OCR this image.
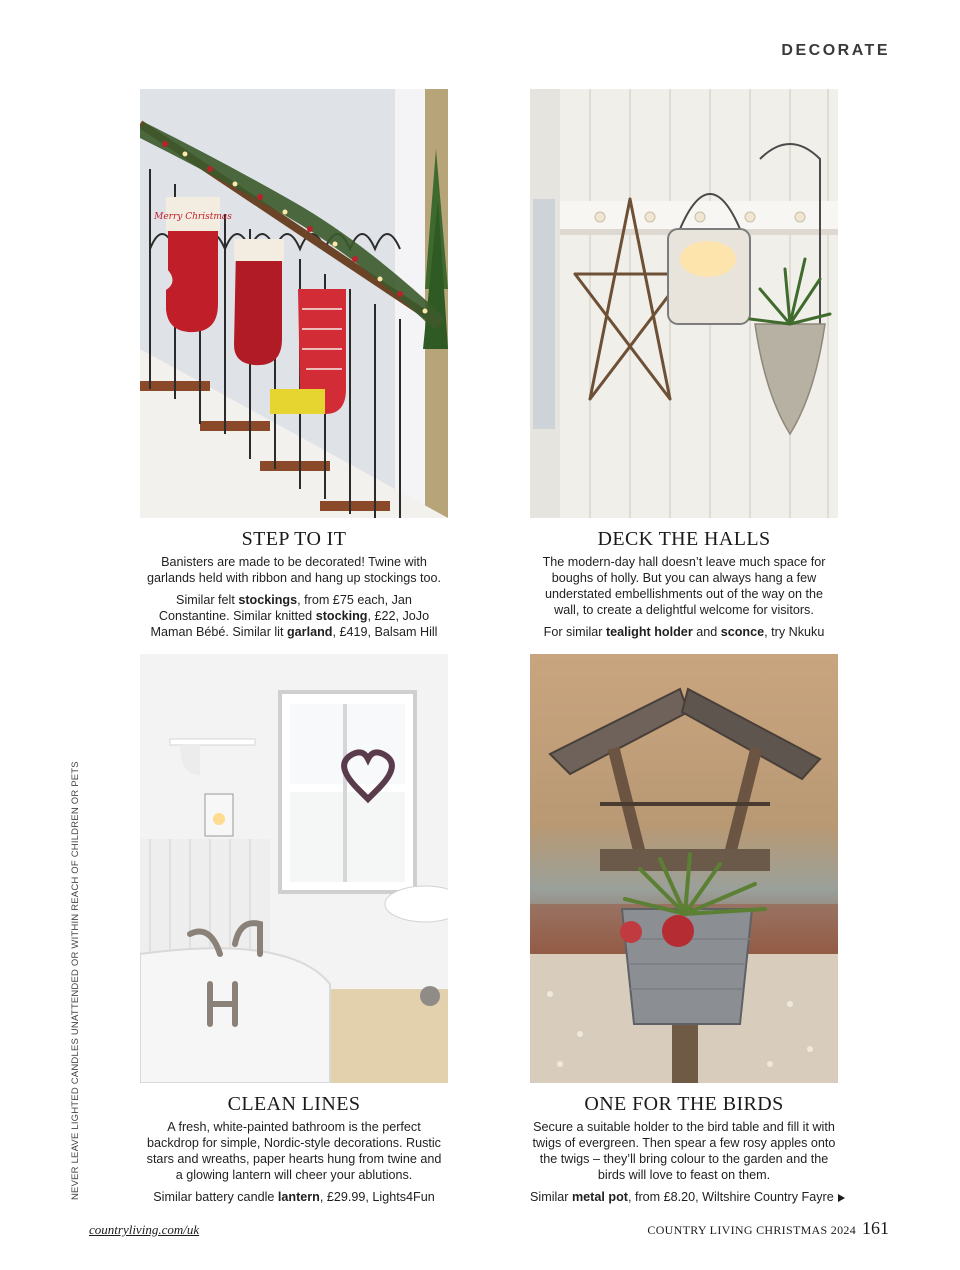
DECORATE
Merry Christmas
STEP TO IT

Banisters are made to be decorated! Twine with garlands held with ribbon and hang up stockings too.

Similar felt stockings, from £75 each, Jan Constantine. Similar knitted stocking, £22, JoJo Maman Bébé. Similar lit garland, £419, Balsam Hill

DECK THE HALLS

The modern-day hall doesn’t leave much space for boughs of holly. But you can always hang a few understated embellishments out of the way on the wall, to create a delightful welcome for visitors.

For similar tealight holder and sconce, try Nkuku

CLEAN LINES

A fresh, white-painted bathroom is the perfect backdrop for simple, Nordic-style decorations. Rustic stars and wreaths, paper hearts hung from twine and a glowing lantern will cheer your ablutions.

Similar battery candle lantern, £29.99, Lights4Fun

ONE FOR THE BIRDS

Secure a suitable holder to the bird table and fill it with twigs of evergreen. Then spear a few rosy apples onto the twigs – they’ll bring colour to the garden and the birds will love to feast on them.

Similar metal pot, from £8.20, Wiltshire Country Fayre

NEVER LEAVE LIGHTED CANDLES UNATTENDED OR WITHIN REACH OF CHILDREN OR PETS
countryliving.com/uk	COUNTRY LIVING CHRISTMAS 2024 161
